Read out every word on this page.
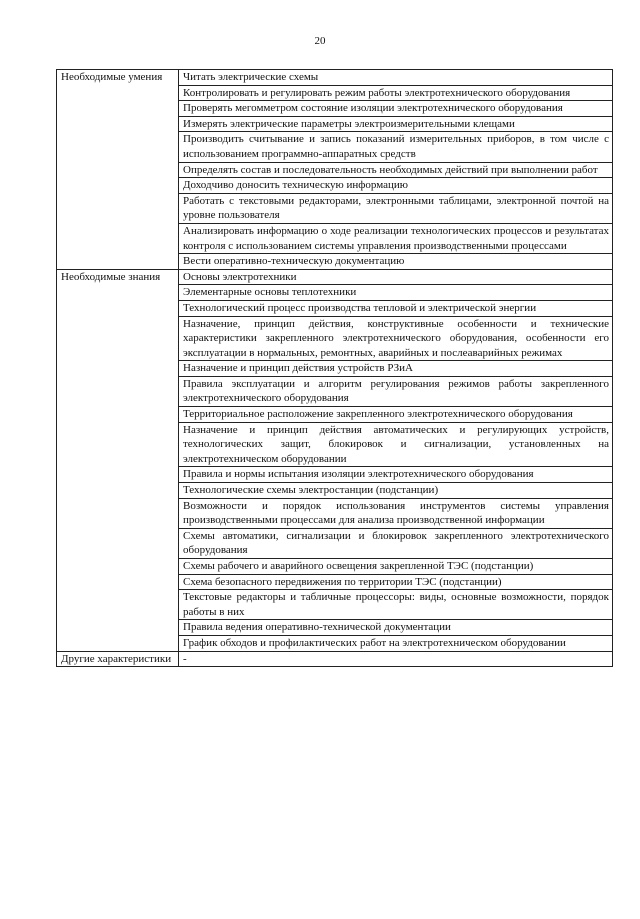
20
Необходимые умения	Читать электрические схемы
	Контролировать и регулировать режим работы электротехнического оборудования
	Проверять мегомметром состояние изоляции электротехнического оборудования
	Измерять электрические параметры электроизмерительными клещами
	Производить считывание и запись показаний измерительных приборов, в том числе с использованием программно-аппаратных средств
	Определять состав и последовательность необходимых действий при выполнении работ
	Доходчиво доносить техническую информацию
	Работать с текстовыми редакторами, электронными таблицами, электронной почтой на уровне пользователя
	Анализировать информацию о ходе реализации технологических процессов и результатах контроля с использованием системы управления производственными процессами
	Вести оперативно-техническую документацию
Необходимые знания	Основы электротехники
	Элементарные основы теплотехники
	Технологический процесс производства тепловой и электрической энергии
	Назначение, принцип действия, конструктивные особенности и технические характеристики закрепленного электротехнического оборудования, особенности его эксплуатации в нормальных, ремонтных, аварийных и послеаварийных режимах
	Назначение и принцип действия устройств РЗиА
	Правила эксплуатации и алгоритм регулирования режимов работы закрепленного электротехнического оборудования
	Территориальное расположение закрепленного электротехнического оборудования
	Назначение и принцип действия автоматических и регулирующих устройств, технологических защит, блокировок и сигнализации, установленных на электротехническом оборудовании
	Правила и нормы испытания изоляции электротехнического оборудования
	Технологические схемы электростанции (подстанции)
	Возможности и порядок использования инструментов системы управления производственными процессами для анализа производственной информации
	Схемы автоматики, сигнализации и блокировок закрепленного электротехнического оборудования
	Схемы рабочего и аварийного освещения закрепленной ТЭС (подстанции)
	Схема безопасного передвижения по территории ТЭС (подстанции)
	Текстовые редакторы и табличные процессоры: виды, основные возможности, порядок работы в них
	Правила ведения оперативно-технической документации
	График обходов и профилактических работ на электротехническом оборудовании
Другие характеристики	-
